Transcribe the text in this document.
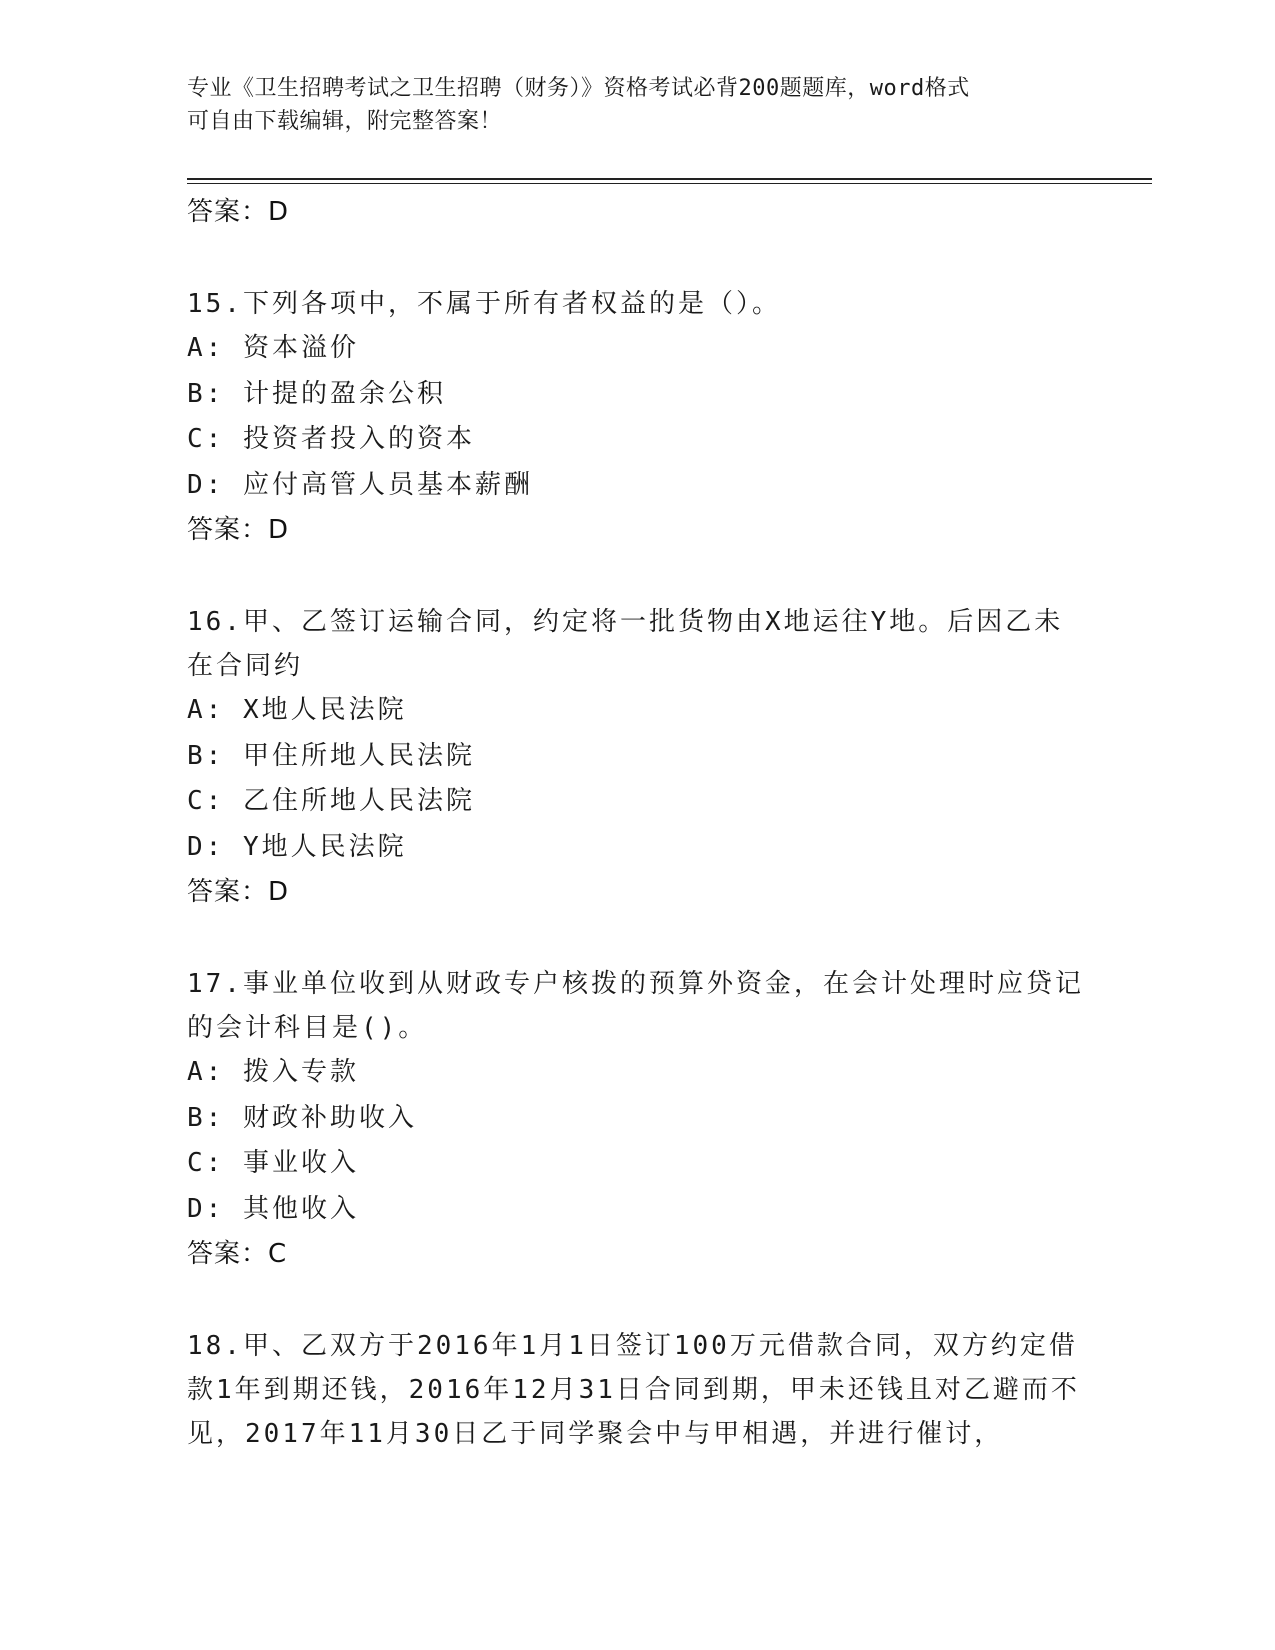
专业《卫生招聘考试之卫生招聘（财务）》资格考试必背200题题库，word格式
可自由下载编辑，附完整答案！
答案：D
15.下列各项中，不属于所有者权益的是（）。
A: 资本溢价
B: 计提的盈余公积
C: 投资者投入的资本
D: 应付高管人员基本薪酬
答案：D
16.甲、乙签订运输合同，约定将一批货物由X地运往Y地。后因乙未在合同约
A: X地人民法院
B: 甲住所地人民法院
C: 乙住所地人民法院
D: Y地人民法院
答案：D
17.事业单位收到从财政专户核拨的预算外资金，在会计处理时应贷记的会计科目是()。
A: 拨入专款
B: 财政补助收入
C: 事业收入
D: 其他收入
答案：C
18.甲、乙双方于2016年1月1日签订100万元借款合同，双方约定借款1年到期还钱，2016年12月31日合同到期，甲未还钱且对乙避而不见，2017年11月30日乙于同学聚会中与甲相遇，并进行催讨，
